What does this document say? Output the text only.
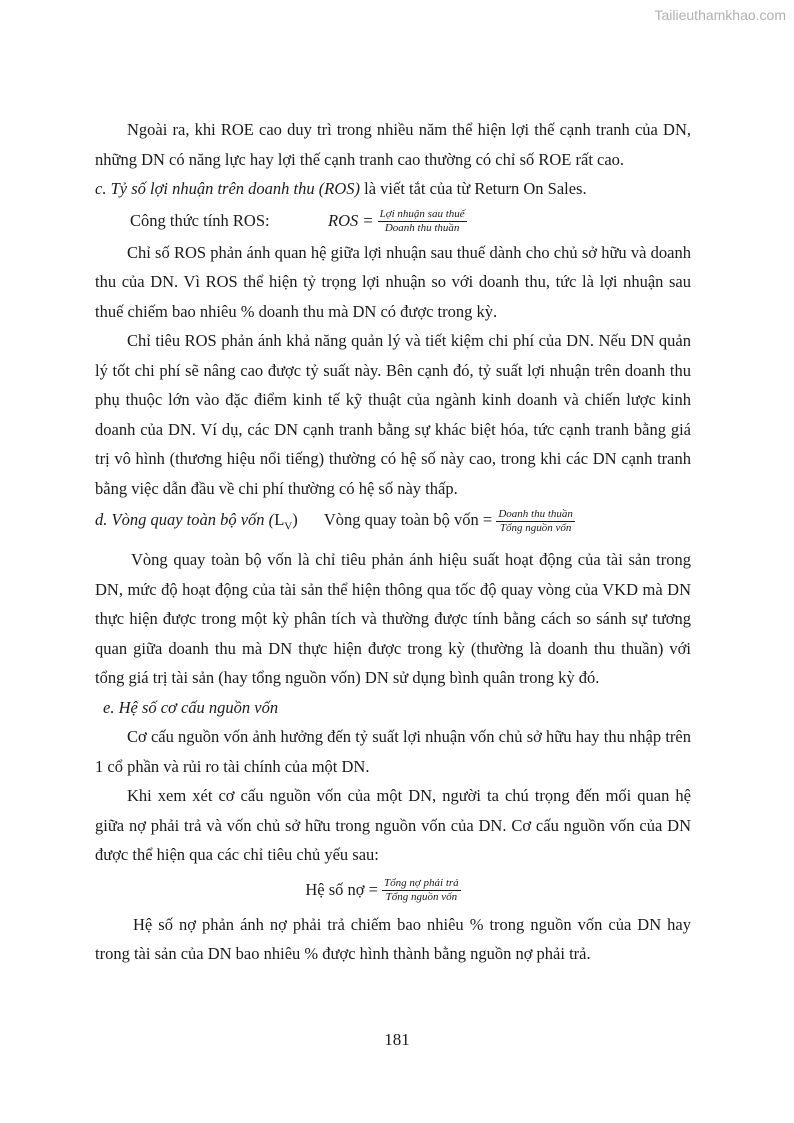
Tailieuthamkhao.com

Ngoài ra, khi ROE cao duy trì trong nhiều năm thể hiện lợi thế cạnh tranh của DN, những DN có năng lực hay lợi thế cạnh tranh cao thường có chỉ số ROE rất cao.

c. Tỷ số lợi nhuận trên doanh thu (ROS) là viết tắt của từ Return On Sales.

Công thức tính ROS:	ROS = $\frac{\text{Lợi nhuận sau thuế}}{\text{Doanh thu thuần}}$

Chỉ số ROS phản ánh quan hệ giữa lợi nhuận sau thuế dành cho chủ sở hữu và doanh thu của DN. Vì ROS thể hiện tỷ trọng lợi nhuận so với doanh thu, tức là lợi nhuận sau thuế chiếm bao nhiêu % doanh thu mà DN có được trong kỳ.

Chỉ tiêu ROS phản ánh khả năng quản lý và tiết kiệm chi phí của DN. Nếu DN quản lý tốt chi phí sẽ nâng cao được tỷ suất này. Bên cạnh đó, tỷ suất lợi nhuận trên doanh thu phụ thuộc lớn vào đặc điểm kinh tế kỹ thuật của ngành kinh doanh và chiến lược kinh doanh của DN. Ví dụ, các DN cạnh tranh bằng sự khác biệt hóa, tức cạnh tranh bằng giá trị vô hình (thương hiệu nổi tiếng) thường có hệ số này cao, trong khi các DN cạnh tranh bằng việc dẫn đầu về chi phí thường có hệ số này thấp.

d. Vòng quay toàn bộ vốn $(L_V)$ Vòng quay toàn bộ vốn = $\frac{\text{Doanh thu thuần}}{\text{Tổng nguồn vốn}}$

Vòng quay toàn bộ vốn là chỉ tiêu phản ánh hiệu suất hoạt động của tài sản trong DN, mức độ hoạt động của tài sản thể hiện thông qua tốc độ quay vòng của VKD mà DN thực hiện được trong một kỳ phân tích và thường được tính bằng cách so sánh sự tương quan giữa doanh thu mà DN thực hiện được trong kỳ (thường là doanh thu thuần) với tổng giá trị tài sản (hay tổng nguồn vốn) DN sử dụng bình quân trong kỳ đó.

e. Hệ số cơ cấu nguồn vốn

Cơ cấu nguồn vốn ảnh hưởng đến tỷ suất lợi nhuận vốn chủ sở hữu hay thu nhập trên 1 cổ phần và rủi ro tài chính của một DN.

Khi xem xét cơ cấu nguồn vốn của một DN, người ta chú trọng đến mối quan hệ giữa nợ phải trả và vốn chủ sở hữu trong nguồn vốn của DN. Cơ cấu nguồn vốn của DN được thể hiện qua các chỉ tiêu chủ yếu sau:

Hệ số nợ = $\frac{\text{Tổng nợ phải trả}}{\text{Tổng nguồn vốn}}$

Hệ số nợ phản ánh nợ phải trả chiếm bao nhiêu % trong nguồn vốn của DN hay trong tài sản của DN bao nhiêu % được hình thành bằng nguồn nợ phải trả.

181
